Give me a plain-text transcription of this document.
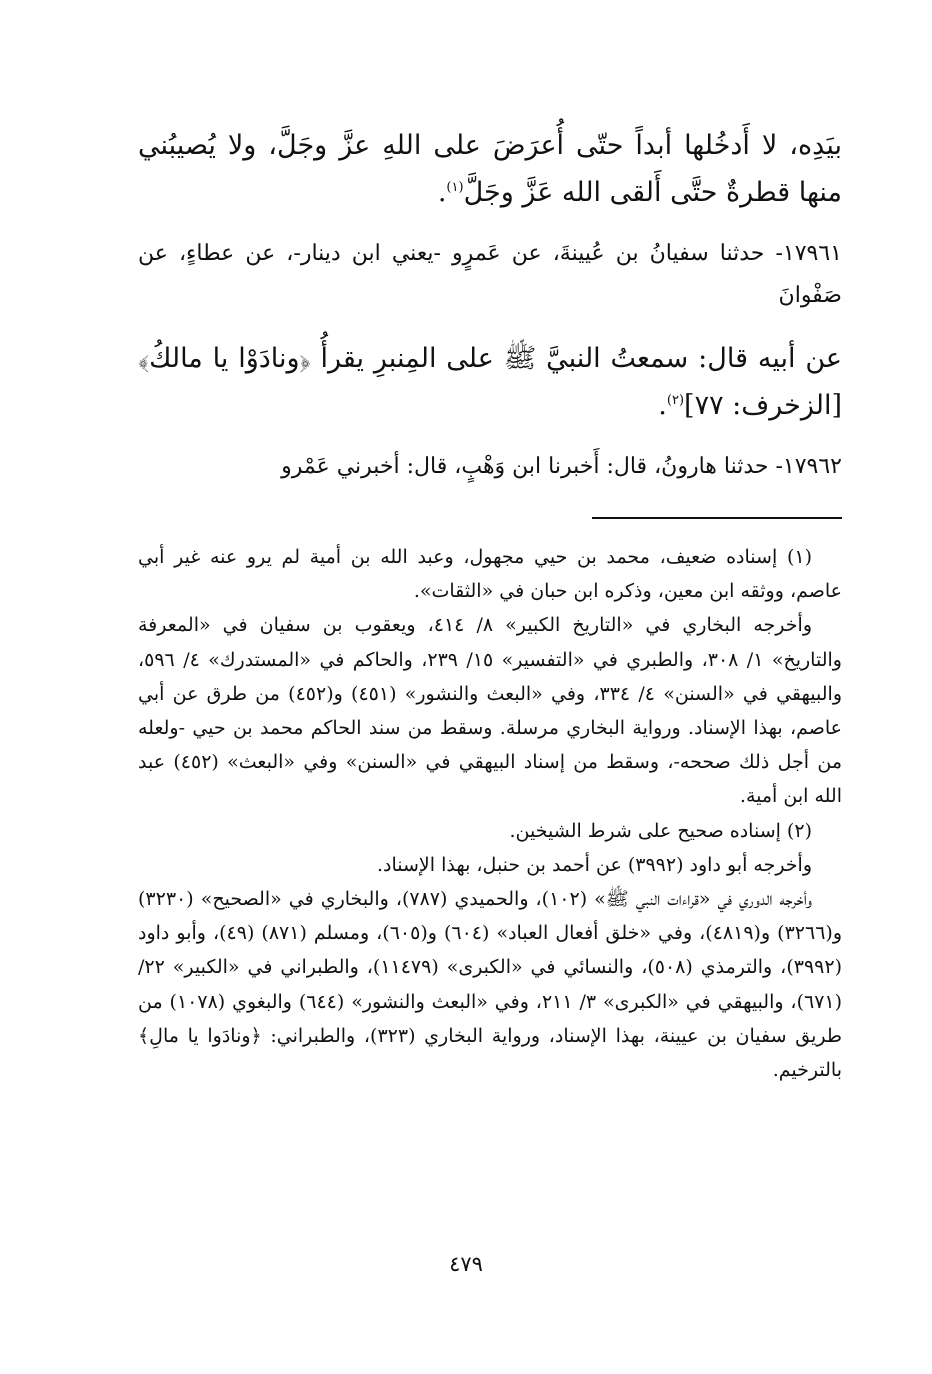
بيَدِه، لا أَدخُلها أبداً حتّى أُعرَضَ على اللهِ عزَّ وجَلَّ، ولا يُصيبُني منها قطرةٌ حتَّى أَلقى الله عَزَّ وجَلَّ$^{(١)}$.

١٧٩٦١- حدثنا سفيانُ بن عُيينةَ، عن عَمرٍو -يعني ابن دينار-، عن عطاءٍ، عن صَفْوانَ

عن أبيه قال: سمعتُ النبيَّ ﷺ على المِنبرِ يقرأُ ﴿ونادَوْا يا مالكُ﴾ [الزخرف: ٧٧]$^{(٢)}$.

١٧٩٦٢- حدثنا هارونُ، قال: أَخبرنا ابن وَهْبٍ، قال: أخبرني عَمْرو

(١) إسناده ضعيف، محمد بن حيي مجهول، وعبد الله بن أمية لم يرو عنه غير أبي عاصم، ووثقه ابن معين، وذكره ابن حبان في «الثقات».

وأخرجه البخاري في «التاريخ الكبير» ٨/ ٤١٤، ويعقوب بن سفيان في «المعرفة والتاريخ» ١/ ٣٠٨، والطبري في «التفسير» ١٥/ ٢٣٩، والحاكم في «المستدرك» ٤/ ٥٩٦، والبيهقي في «السنن» ٤/ ٣٣٤، وفي «البعث والنشور» (٤٥١) و(٤٥٢) من طرق عن أبي عاصم، بهذا الإسناد. ورواية البخاري مرسلة. وسقط من سند الحاكم محمد بن حيي -ولعله من أجل ذلك صححه-، وسقط من إسناد البيهقي في «السنن» وفي «البعث» (٤٥٢) عبد الله ابن أمية.

(٢) إسناده صحيح على شرط الشيخين.

وأخرجه أبو داود (٣٩٩٢) عن أحمد بن حنبل، بهذا الإسناد.

وأخرجه الدوري في «قراءات النبي ﷺ» (١٠٢)، والحميدي (٧٨٧)، والبخاري في «الصحيح» (٣٢٣٠) و(٣٢٦٦) و(٤٨١٩)، وفي «خلق أفعال العباد» (٦٠٤) و(٦٠٥)، ومسلم (٨٧١) (٤٩)، وأبو داود (٣٩٩٢)، والترمذي (٥٠٨)، والنسائي في «الكبرى» (١١٤٧٩)، والطبراني في «الكبير» ٢٢/ (٦٧١)، والبيهقي في «الكبرى» ٣/ ٢١١، وفي «البعث والنشور» (٦٤٤) والبغوي (١٠٧٨) من طريق سفيان بن عيينة، بهذا الإسناد، ورواية البخاري (٣٢٣)، والطبراني: ﴿ونادَوا يا مالِ﴾ بالترخيم.

٤٧٩
